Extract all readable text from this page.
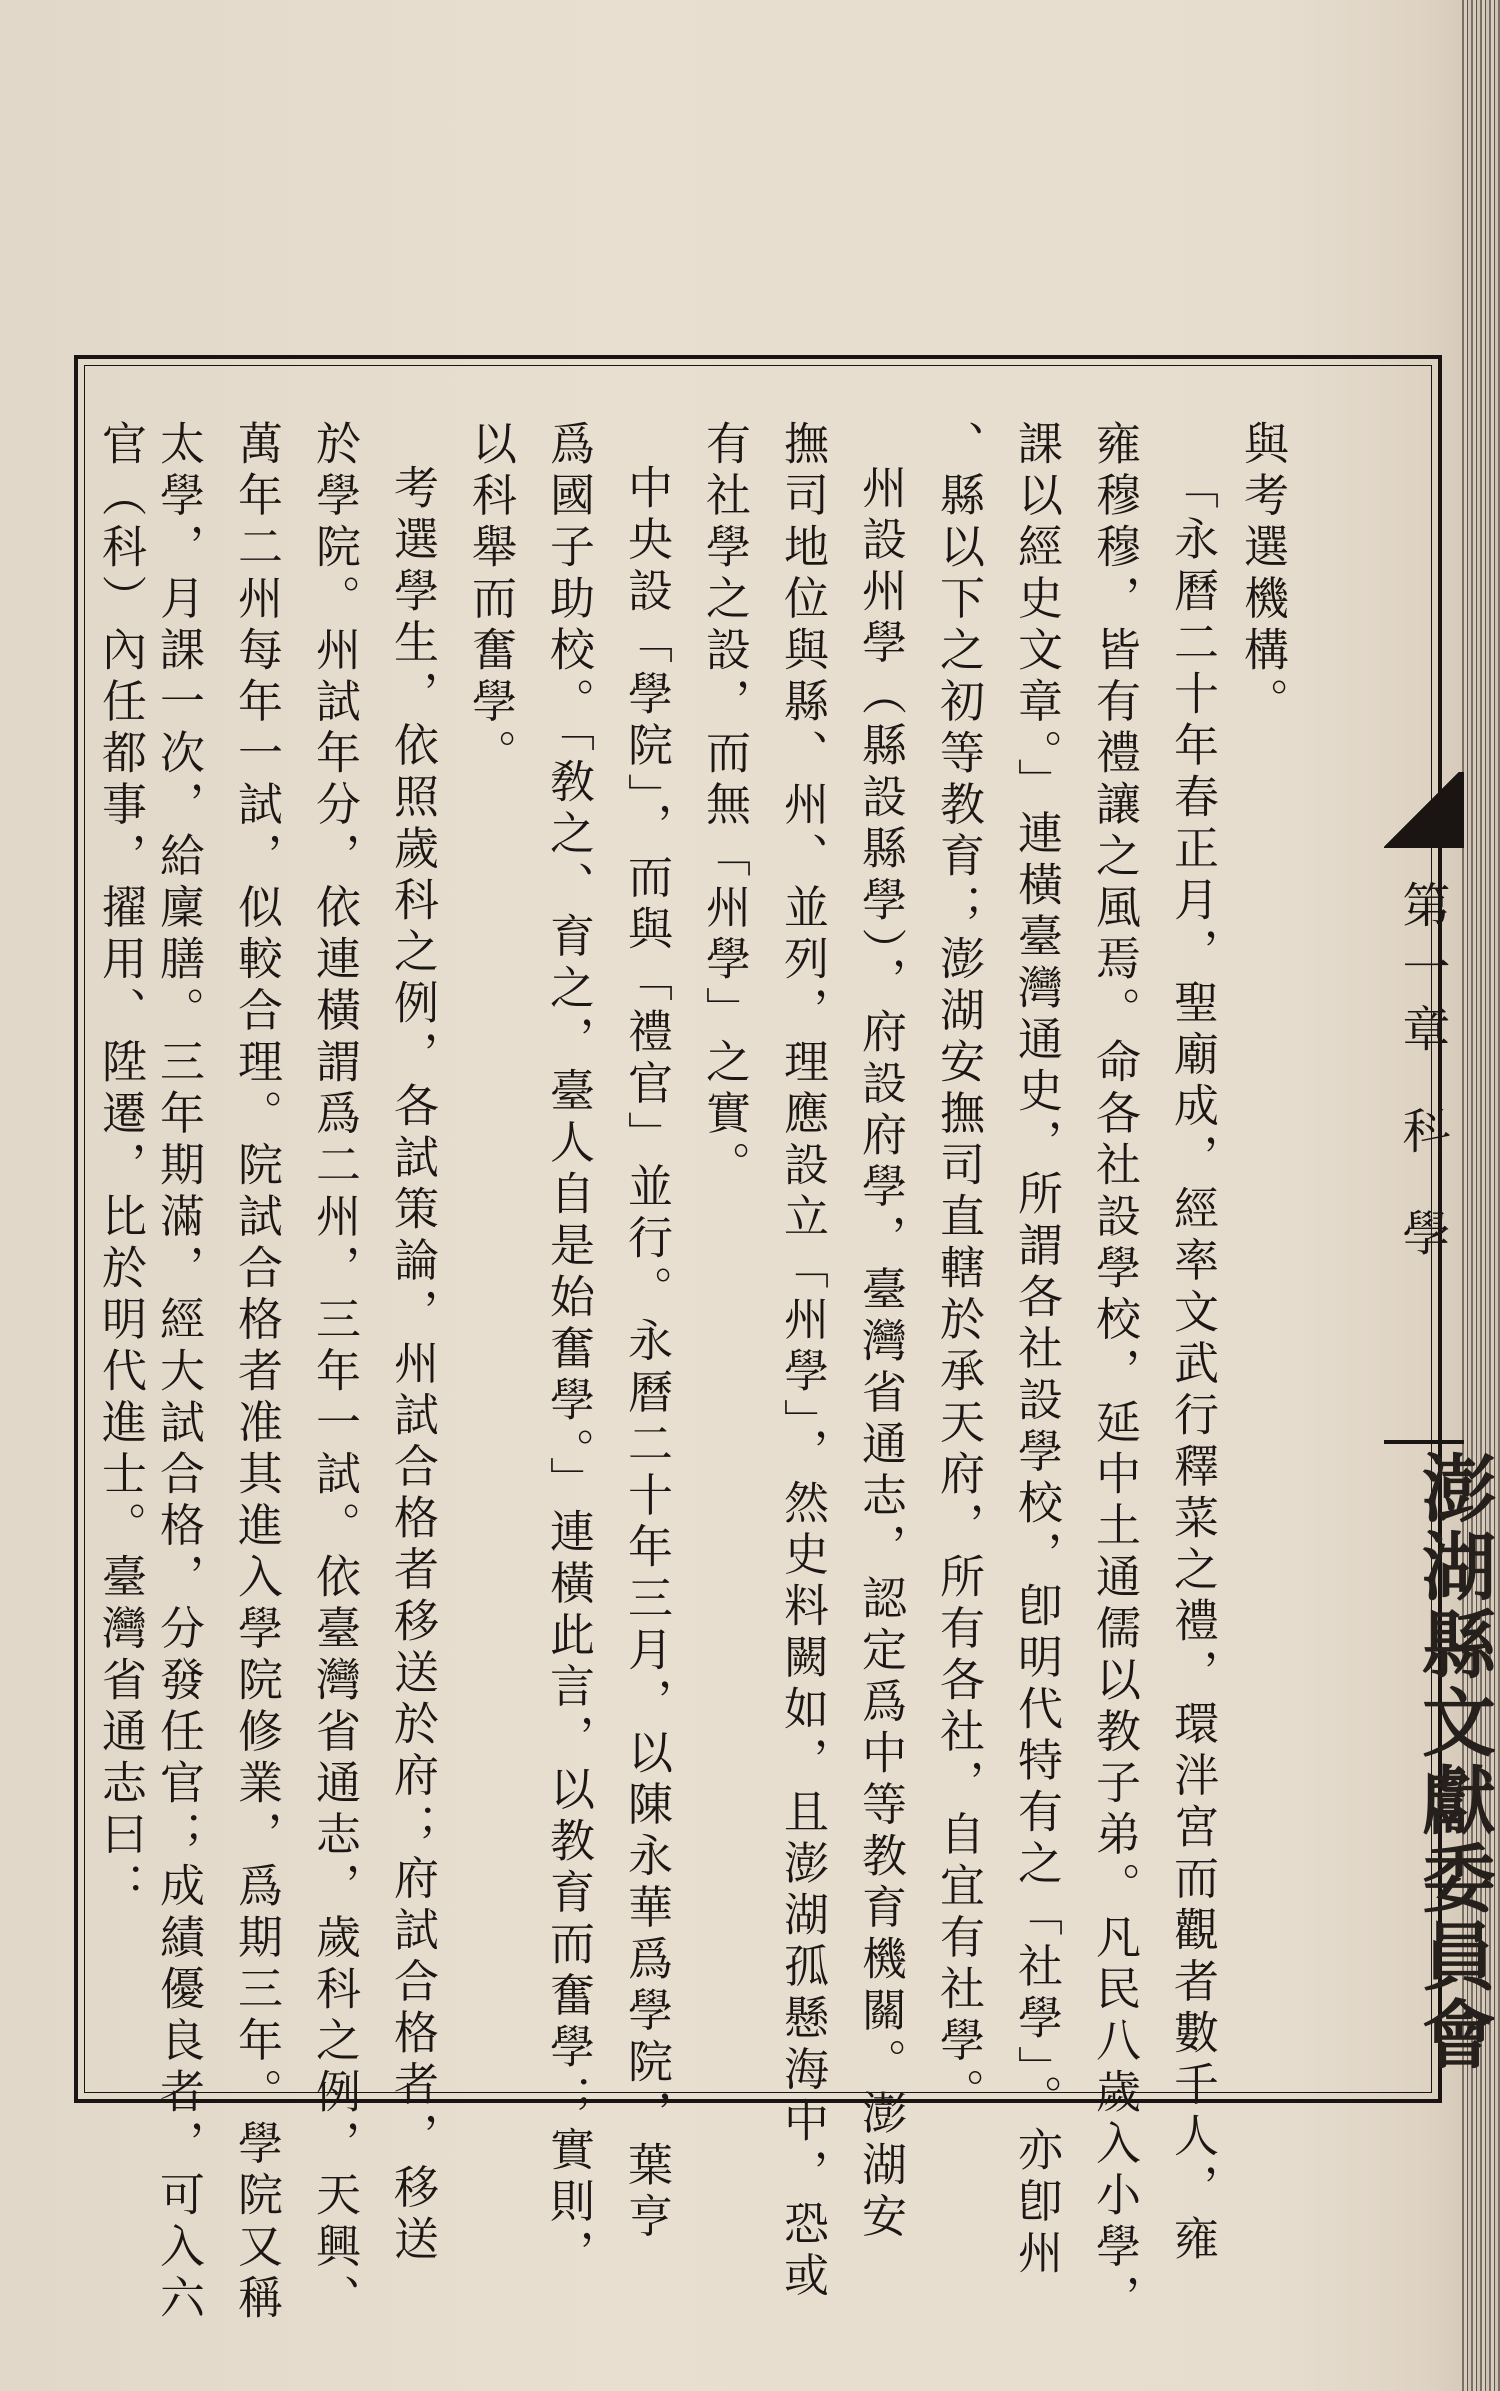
第一章科學
澎湖縣文獻委員會
與考選機構。
「永曆二十年春正月，聖廟成，經率文武行釋菜之禮，環泮宮而觀者數千人，雍
雍穆穆，皆有禮讓之風焉。命各社設學校，延中土通儒以教子弟。凡民八歲入小學，
課以經史文章。」連橫臺灣通史，所謂各社設學校，卽明代特有之「社學」。亦卽州
、縣以下之初等教育；澎湖安撫司直轄於承天府，所有各社，自宜有社學。
州設州學（縣設縣學），府設府學，臺灣省通志，認定爲中等教育機關。澎湖安
撫司地位與縣、州、並列，理應設立「州學」，然史料闕如，且澎湖孤懸海中，恐或
有社學之設，而無「州學」之實。
中央設「學院」，而與「禮官」並行。永曆二十年三月，以陳永華爲學院，葉亨
爲國子助校。「敎之、育之，臺人自是始奮學。」連橫此言，以教育而奮學；實則，
以科舉而奮學。
考選學生，依照歲科之例，各試策論，州試合格者移送於府；府試合格者，移送
於學院。州試年分，依連橫謂爲二州，三年一試。依臺灣省通志，歲科之例，天興、
萬年二州每年一試，似較合理。院試合格者准其進入學院修業，爲期三年。學院又稱
太學，月課一次，給廩膳。三年期滿，經大試合格，分發任官；成績優良者，可入六
官（科）內任都事，擢用、陞遷，比於明代進士。臺灣省通志曰：
